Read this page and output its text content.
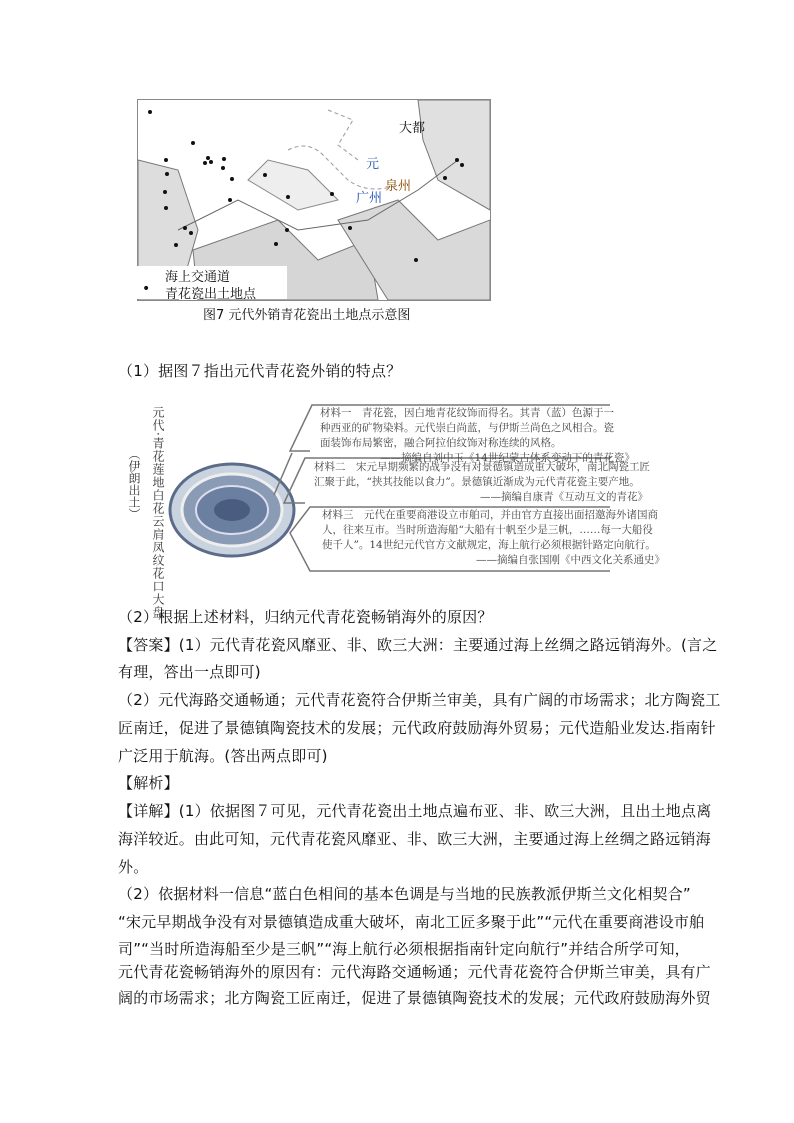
大都
元
泉州
广州
海上交通道
• 青花瓷出土地点
图7 元代外销青花瓷出土地点示意图
（1）据图７指出元代青花瓷外销的特点？
元代·青花莲地白花云肩凤纹花口大盘
（伊朗出土）
材料一　青花瓷，因白地青花纹饰而得名。其青（蓝）色源于一
种西亚的矿物染料。元代崇白尚蓝，与伊斯兰尚色之风相合。瓷
面装饰布局繁密，融合阿拉伯纹饰对称连续的风格。
——摘编自刘中玉《14世纪蒙古体系变动下的青花瓷》
材料二　宋元早期频繁的战争没有对景德镇造成重大破坏，南北陶瓷工匠
汇聚于此，“挟其技能以食力”。景德镇近渐成为元代青花瓷主要产地。
——摘编自康青《互动互文的青花》
材料三　元代在重要商港设立市舶司，并由官方直接出面招邀海外诸国商
人，往来互市。当时所造海船“大船有十帆至少是三帆，……每一大船役
使千人”。14世纪元代官方文献规定，海上航行必须根据针路定向航行。
——摘编自张国刚《中西文化关系通史》
（2）根据上述材料，归纳元代青花瓷畅销海外的原因？
【答案】(1）元代青花瓷风靡亚、非、欧三大洲：主要通过海上丝绸之路远销海外。(言之
有理，答出一点即可)
（2）元代海路交通畅通；元代青花瓷符合伊斯兰审美，具有广阔的市场需求；北方陶瓷工
匠南迁，促进了景德镇陶瓷技术的发展；元代政府鼓励海外贸易；元代造船业发达.指南针
广泛用于航海。(答出两点即可)
【解析】
【详解】(1）依据图７可见，元代青花瓷出土地点遍布亚、非、欧三大洲，且出土地点离
海洋较近。由此可知，元代青花瓷风靡亚、非、欧三大洲，主要通过海上丝绸之路远销海
外。
（2）依据材料一信息“蓝白色相间的基本色调是与当地的民族教派伊斯兰文化相契合”
“宋元早期战争没有对景德镇造成重大破坏，南北工匠多聚于此”“元代在重要商港设市舶
司”“当时所造海船至少是三帆”“海上航行必须根据指南针定向航行”并结合所学可知，
元代青花瓷畅销海外的原因有：元代海路交通畅通；元代青花瓷符合伊斯兰审美，具有广
阔的市场需求；北方陶瓷工匠南迁，促进了景德镇陶瓷技术的发展；元代政府鼓励海外贸
